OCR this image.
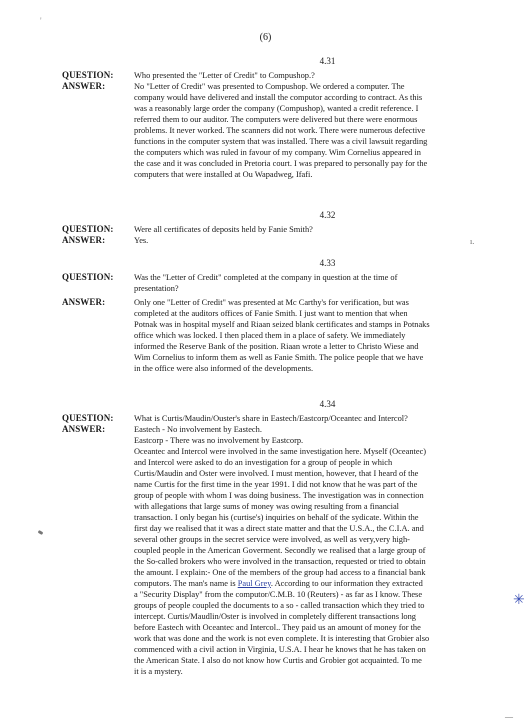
'
(6)
4.31
QUESTION:
ANSWER:
Who presented the "Letter of Credit" to Compushop.?
No "Letter of Credit" was presented to Compushop. We ordered a computer. The
company would have delivered and install the computor according to contract. As this
was a reasonably large order the company (Compushop), wanted a credit reference. I
referred them to our auditor. The computers were delivered but there were enormous
problems. It never worked. The scanners did not work. There were numerous defective
functions in the computer system that was installed. There was a civil lawsuit regarding
the computers which was ruled in favour of my company. Wim Cornelius appeared in
the case and it was concluded in Pretoria court. I was prepared to personally pay for the
computers that were installed at Ou Wapadweg, Ifafi.
4.32
QUESTION:
ANSWER:
Were all certificates of deposits held by Fanie Smith?
Yes.	ı.
4.33
QUESTION: Was the "Letter of Credit" completed at the company in question at the time of
presentation?
ANSWER:	Only one "Letter of Credit" was presented at Mc Carthy's for verification, but was
completed at the auditors offices of Fanie Smith. I just want to mention that when
Potnak was in hospital myself and Riaan seized blank certificates and stamps in Potnaks
office which was locked. I then placed them in a place of safety. We immediately
informed the Reserve Bank of the position. Riaan wrote a letter to Christo Wiese and
Wim Cornelius to inform them as well as Fanie Smith. The police people that we have
in the office were also informed of the developments.
4.34
QUESTION:
ANSWER:
What is Curtis/Maudin/Ouster's share in Eastech/Eastcorp/Oceantec and Intercol?
Eastech - No involvement by Eastech.
Eastcorp - There was no involvement by Eastcorp.
Oceantec and Intercol were involved in the same investigation here. Myself (Oceantec)
and Intercol were asked to do an investigation for a group of people in which
Curtis/Maudin and Oster were involved. I must mention, however, that I heard of the
name Curtis for the first time in the year 1991. I did not know that he was part of the
group of people with whom I was doing business. The investigation was in connection
with allegations that large sums of money was owing resulting from a financial
transaction. I only began his (curtise's) inquiries on behalf of the sydicate. Within the
first day we realised that it was a direct state matter and that the U.S.A., the C.I.A. and
several other groups in the secret service were involved, as well as very,very high-
coupled people in the American Goverment. Secondly we realised that a large group of
the So-called brokers who were involved in the transaction, requested or tried to obtain
the amount. I explain:- One of the members of the group had access to a financial bank
computors. The man's name is Paul Grey. According to our information they extracted
a "Security Display" from the computor/C.M.B. 10 (Reuters) - as far as I know. These
groups of people coupled the documents to a so - called transaction which they tried to
intercept. Curtis/Maudlin/Oster is involved in completely different transactions long
before Eastech with Oceantec and Intercol.. They paid us an amount of money for the
work that was done and the work is not even complete. It is interesting that Grobier also
commenced with a civil action in Virginia, U.S.A. I hear he knows that he has taken on
the American State. I also do not know how Curtis and Grobier got acquainted. To me
it is a mystery.
✳
—
